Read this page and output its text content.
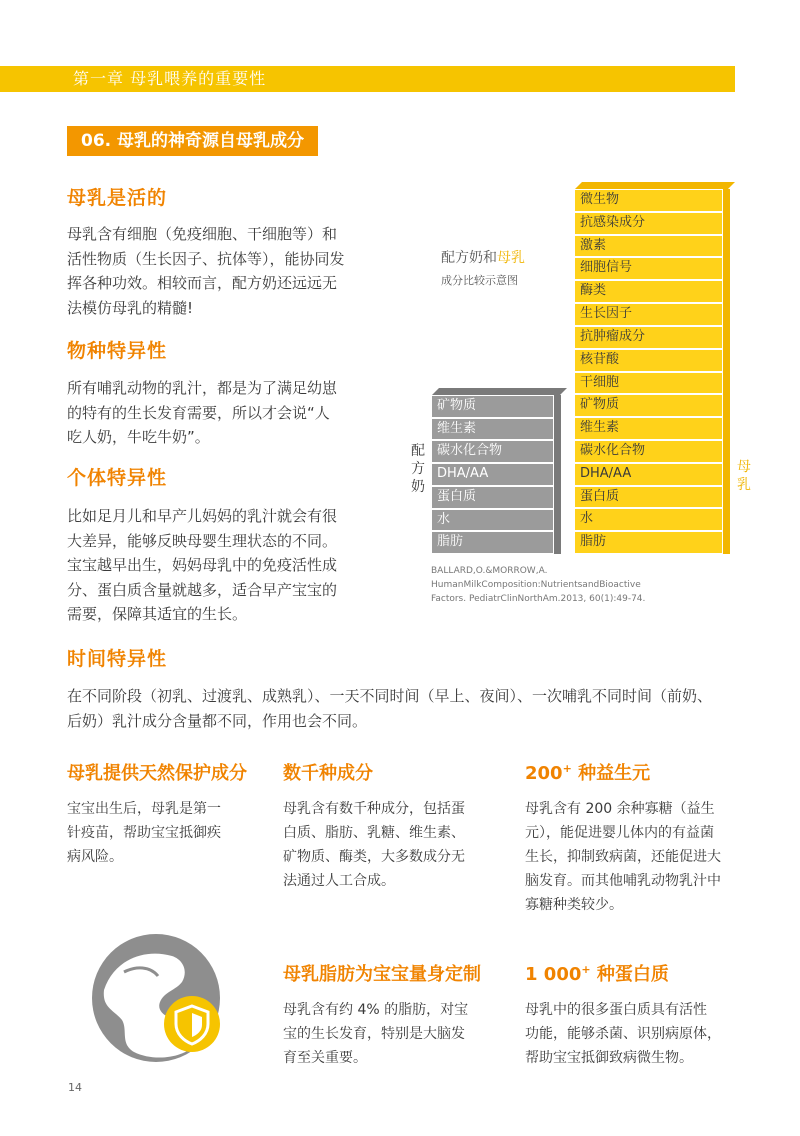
第一章 母乳喂养的重要性
06. 母乳的神奇源自母乳成分
母乳是活的
母乳含有细胞（免疫细胞、干细胞等）和
活性物质（生长因子、抗体等），能协同发
挥各种功效。相较而言，配方奶还远远无
法模仿母乳的精髓!
物种特异性
所有哺乳动物的乳汁，都是为了满足幼崽
的特有的生长发育需要，所以才会说“人
吃人奶，牛吃牛奶”。
个体特异性
比如足月儿和早产儿妈妈的乳汁就会有很
大差异，能够反映母婴生理状态的不同。
宝宝越早出生，妈妈母乳中的免疫活性成
分、蛋白质含量就越多，适合早产宝宝的
需要，保障其适宜的生长。
时间特异性
在不同阶段（初乳、过渡乳、成熟乳）、一天不同时间（早上、夜间）、一次哺乳不同时间（前奶、
后奶）乳汁成分含量都不同，作用也会不同。
配方奶和母乳
成分比较示意图
矿物质
维生素
碳水化合物
DHA/AA
蛋白质
水
脂肪
配方奶
微生物
抗感染成分
激素
细胞信号
酶类
生长因子
抗肿瘤成分
核苷酸
干细胞
矿物质
维生素
碳水化合物
DHA/AA
蛋白质
水
脂肪
母乳
BALLARD,O.&MORROW,A. HumanMilkComposition:NutrientsandBioactive
Factors. PediatrClinNorthAm.2013, 60(1):49-74.
母乳提供天然保护成分
宝宝出生后，母乳是第一
针疫苗，帮助宝宝抵御疾
病风险。
数千种成分
母乳含有数千种成分，包括蛋
白质、脂肪、乳糖、维生素、
矿物质、酶类，大多数成分无
法通过人工合成。
200+ 种益生元
母乳含有 200 余种寡糖（益生
元），能促进婴儿体内的有益菌
生长，抑制致病菌，还能促进大
脑发育。而其他哺乳动物乳汁中
寡糖种类较少。
母乳脂肪为宝宝量身定制
母乳含有约 4% 的脂肪，对宝
宝的生长发育，特别是大脑发
育至关重要。
1 000+ 种蛋白质
母乳中的很多蛋白质具有活性
功能，能够杀菌、识别病原体，
帮助宝宝抵御致病微生物。
14
